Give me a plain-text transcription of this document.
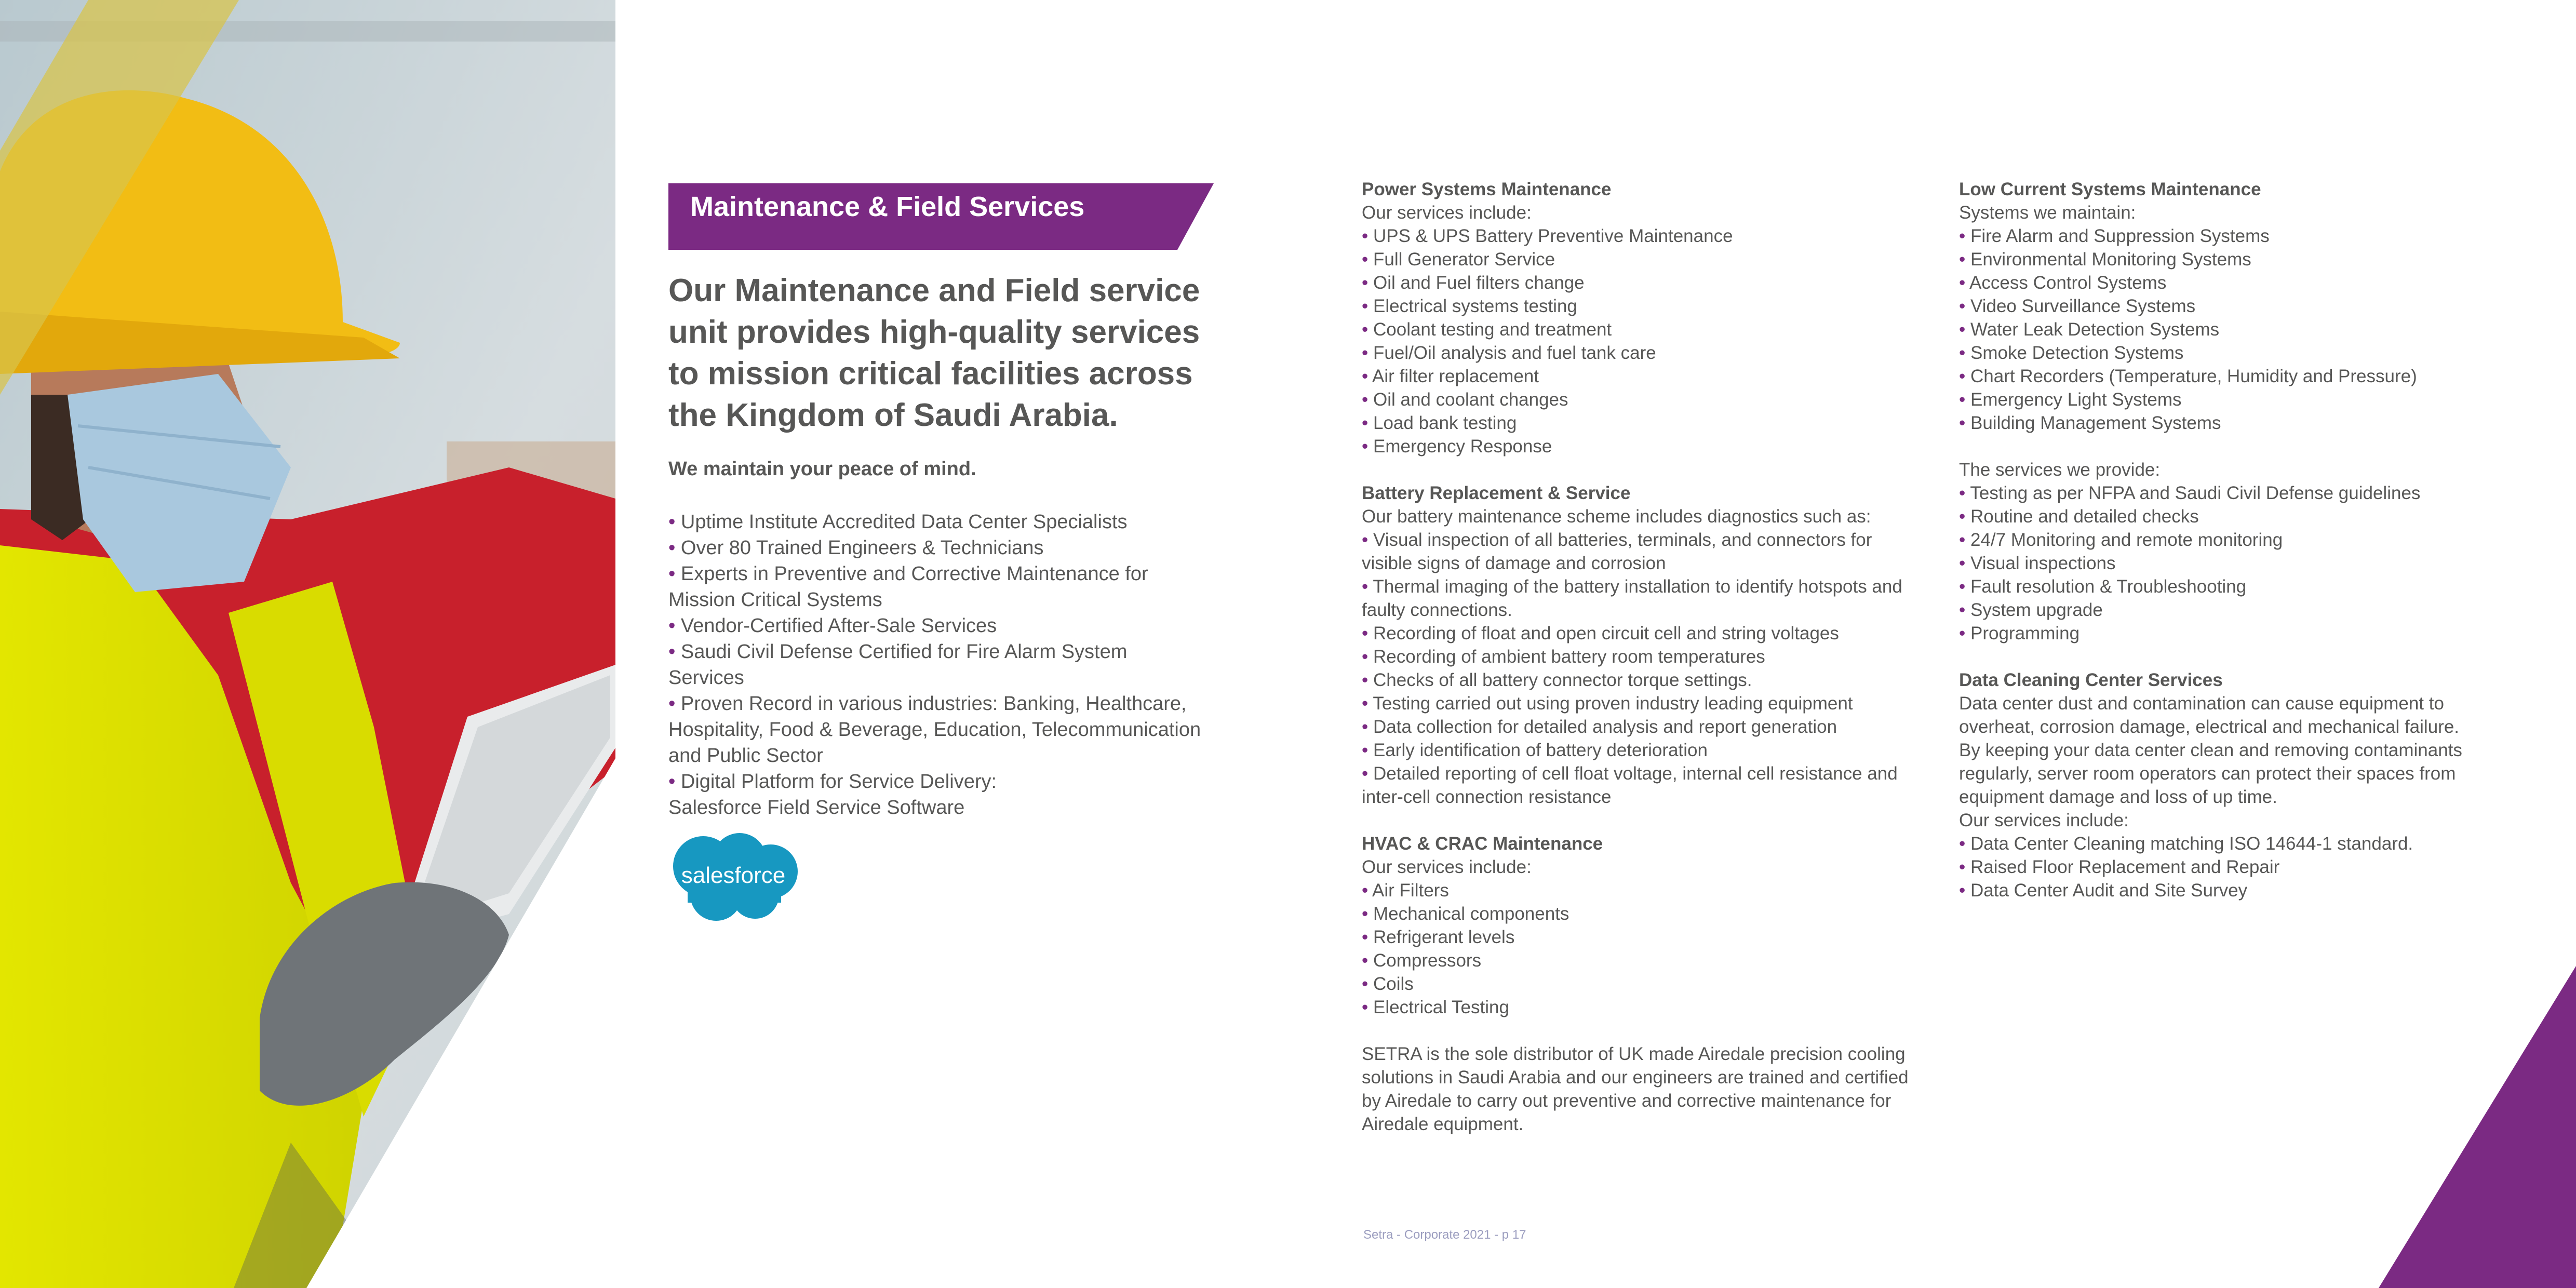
Maintenance & Field Services
Our Maintenance and Field service unit provides high-quality services to mission critical facilities across the Kingdom of Saudi Arabia.
We maintain your peace of mind.
• Uptime Institute Accredited Data Center Specialists
• Over 80 Trained Engineers & Technicians
• Experts in Preventive and Corrective Maintenance for Mission Critical Systems
• Vendor-Certified After-Sale Services
• Saudi Civil Defense Certified for Fire Alarm System Services
• Proven Record in various industries: Banking, Healthcare, Hospitality, Food & Beverage, Education, Telecommunication and Public Sector
• Digital Platform for Service Delivery:
Salesforce Field Service Software
salesforce
Power Systems Maintenance
Our services include:
• UPS & UPS Battery Preventive Maintenance
• Full Generator Service
• Oil and Fuel filters change
• Electrical systems testing
• Coolant testing and treatment
• Fuel/Oil analysis and fuel tank care
• Air filter replacement
• Oil and coolant changes
• Load bank testing
• Emergency Response
Battery Replacement & Service
Our battery maintenance scheme includes diagnostics such as:
• Visual inspection of all batteries, terminals, and connectors for visible signs of damage and corrosion
• Thermal imaging of the battery installation to identify hotspots and faulty connections.
• Recording of float and open circuit cell and string voltages
• Recording of ambient battery room temperatures
• Checks of all battery connector torque settings.
• Testing carried out using proven industry leading equipment
• Data collection for detailed analysis and report generation
• Early identification of battery deterioration
• Detailed reporting of cell float voltage, internal cell resistance and inter-cell connection resistance
HVAC & CRAC Maintenance
Our services include:
• Air Filters
• Mechanical components
• Refrigerant levels
• Compressors
• Coils
• Electrical Testing
SETRA is the sole distributor of UK made Airedale precision cooling solutions in Saudi Arabia and our engineers are trained and certified by Airedale to carry out preventive and corrective maintenance for Airedale equipment.
Low Current Systems Maintenance
Systems we maintain:
• Fire Alarm and Suppression Systems
• Environmental Monitoring Systems
• Access Control Systems
• Video Surveillance Systems
• Water Leak Detection Systems
• Smoke Detection Systems
• Chart Recorders (Temperature, Humidity and Pressure)
• Emergency Light Systems
• Building Management Systems
The services we provide:
• Testing as per NFPA and Saudi Civil Defense guidelines
• Routine and detailed checks
• 24/7 Monitoring and remote monitoring
• Visual inspections
• Fault resolution & Troubleshooting
• System upgrade
• Programming
Data Cleaning Center Services
Data center dust and contamination can cause equipment to overheat, corrosion damage, electrical and mechanical failure.
By keeping your data center clean and removing contaminants regularly, server room operators can protect their spaces from equipment damage and loss of up time.
Our services include:
• Data Center Cleaning matching ISO 14644-1 standard.
• Raised Floor Replacement and Repair
• Data Center Audit and Site Survey
Setra - Corporate 2021 - p 17
